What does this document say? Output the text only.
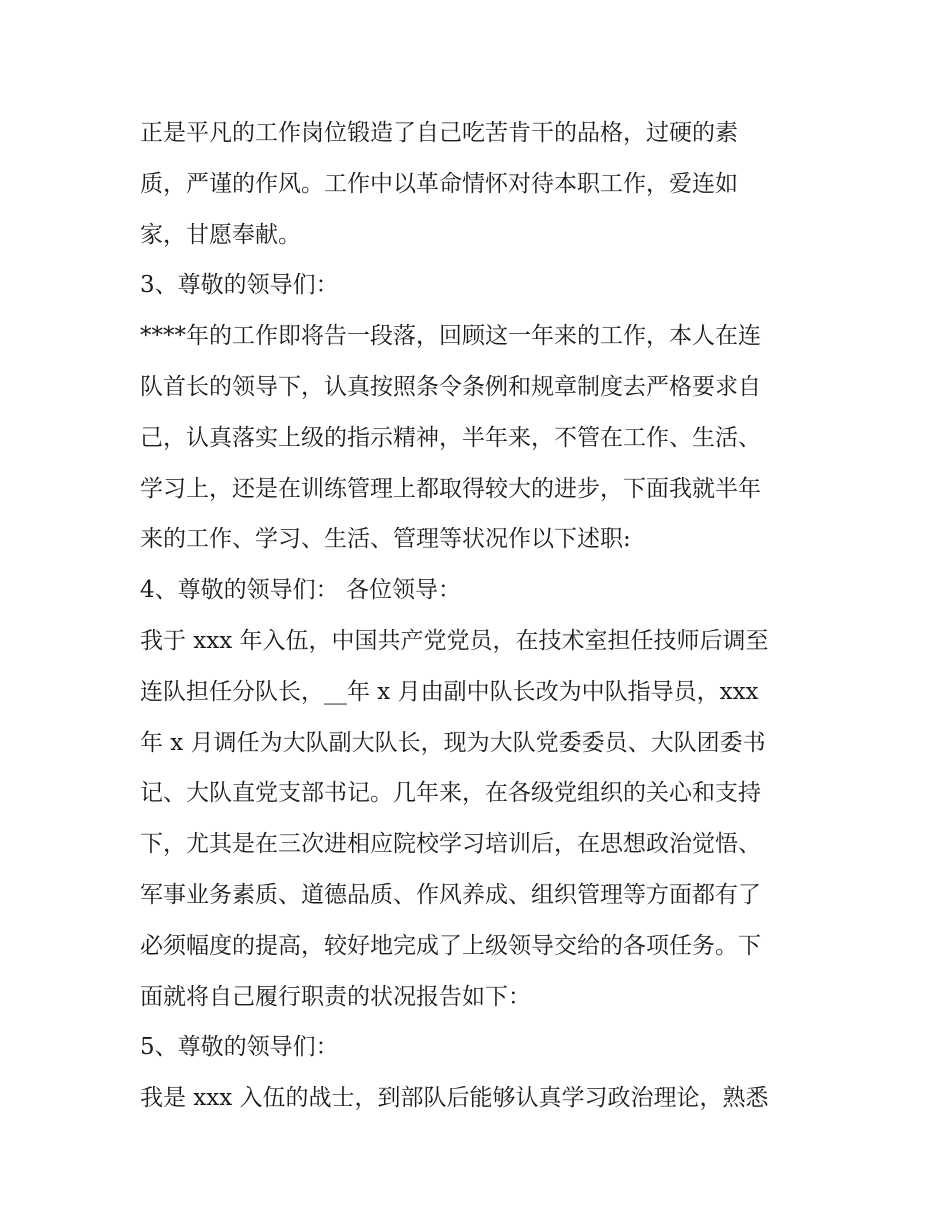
正是平凡的工作岗位锻造了自己吃苦肯干的品格，过硬的素
质，严谨的作风。工作中以革命情怀对待本职工作，爱连如
家，甘愿奉献。
3、尊敬的领导们：
****年的工作即将告一段落，回顾这一年来的工作，本人在连
队首长的领导下，认真按照条令条例和规章制度去严格要求自
己，认真落实上级的指示精神，半年来，不管在工作、生活、
学习上，还是在训练管理上都取得较大的进步，下面我就半年
来的工作、学习、生活、管理等状况作以下述职:
4、尊敬的领导们： 各位领导：
我于 xxx 年入伍，中国共产党党员，在技术室担任技师后调至
连队担任分队长，__年 x 月由副中队长改为中队指导员，xxx
年 x 月调任为大队副大队长，现为大队党委委员、大队团委书
记、大队直党支部书记。几年来，在各级党组织的关心和支持
下，尤其是在三次进相应院校学习培训后，在思想政治觉悟、
军事业务素质、道德品质、作风养成、组织管理等方面都有了
必须幅度的提高，较好地完成了上级领导交给的各项任务。下
面就将自己履行职责的状况报告如下：
5、尊敬的领导们：
我是 xxx 入伍的战士，到部队后能够认真学习政治理论，熟悉
